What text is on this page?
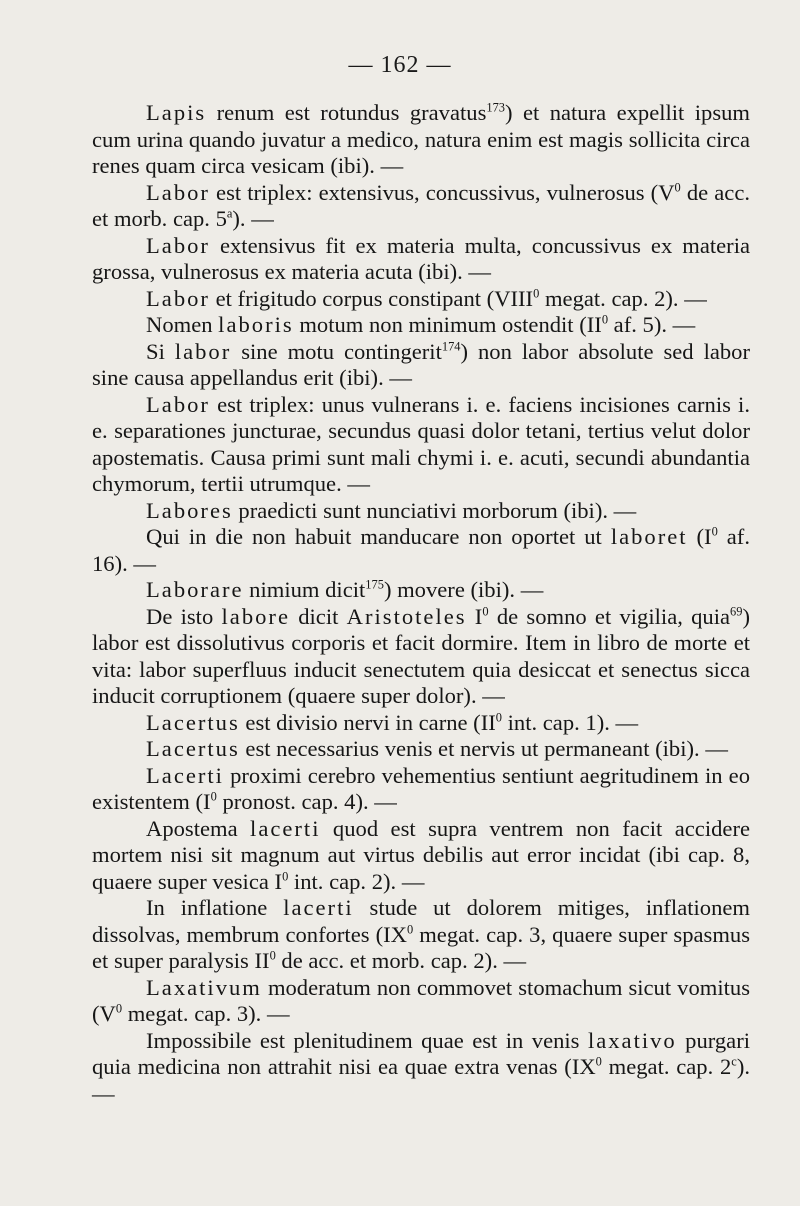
— 162 —

Lapis renum est rotundus gravatus$^{173}$) et natura expellit ipsum cum urina quando juvatur a medico, natura enim est magis sollicita circa renes quam circa vesicam (ibi). —

Labor est triplex: extensivus, concussivus, vulnerosus ($V^0$ de acc. et morb. cap. 5$^a$). —

Labor extensivus fit ex materia multa, concussivus ex materia grossa, vulnerosus ex materia acuta (ibi). —

Labor et frigitudo corpus constipant (VIII$^0$ megat. cap. 2). —

Nomen laboris motum non minimum ostendit ($II^0$ af. 5). —

Si labor sine motu contingerit$^{174}$) non labor absolute sed labor sine causa appellandus erit (ibi). —

Labor est triplex: unus vulnerans i. e. faciens incisiones carnis i. e. separationes juncturae, secundus quasi dolor tetani, tertius velut dolor apostematis. Causa primi sunt mali chymi i. e. acuti, secundi abundantia chymorum, tertii utrumque. —

Labores praedicti sunt nunciativi morborum (ibi). —

Qui in die non habuit manducare non oportet ut laboret ($I^0$ af. 16). —

Laborare nimium dicit$^{175}$) movere (ibi). —

De isto labore dicit Aristoteles $I^0$ de somno et vigilia, quia$^{69}$) labor est dissolutivus corporis et facit dormire. Item in libro de morte et vita: labor superfluus inducit senectutem quia desiccat et senectus sicca inducit corruptionem (quaere super dolor). —

Lacertus est divisio nervi in carne ($II^0$ int. cap. 1). —

Lacertus est necessarius venis et nervis ut permaneant (ibi). —

Lacerti proximi cerebro vehementius sentiunt aegritudinem in eo existentem ($I^0$ pronost. cap. 4). —

Apostema lacerti quod est supra ventrem non facit accidere mortem nisi sit magnum aut virtus debilis aut error incidat (ibi cap. 8, quaere super vesica $I^0$ int. cap. 2). —

In inflatione lacerti stude ut dolorem mitiges, inflationem dissolvas, membrum confortes ($IX^0$ megat. cap. 3, quaere super spasmus et super paralysis $II^0$ de acc. et morb. cap. 2). —

Laxativum moderatum non commovet stomachum sicut vomitus ($V^0$ megat. cap. 3). —

Impossibile est plenitudinem quae est in venis laxativo purgari quia medicina non attrahit nisi ea quae extra venas ($IX^0$ megat. cap. 2$^c$). —
